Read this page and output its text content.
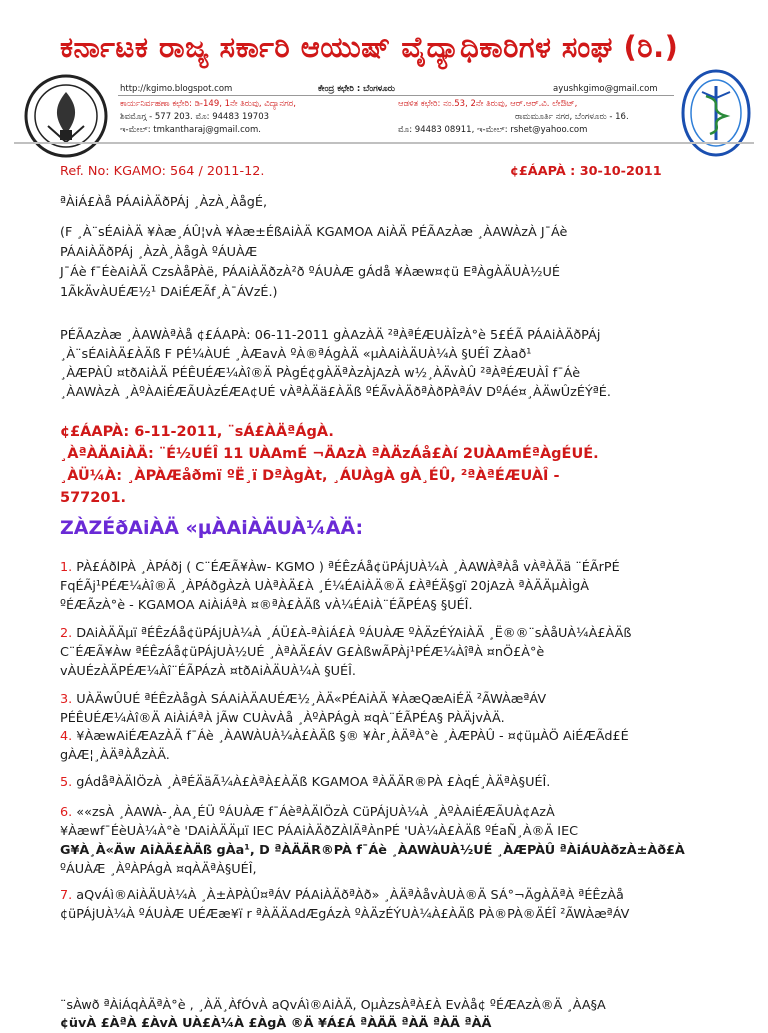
ಕರ್ನಾಟಕ ರಾಜ್ಯ ಸರ್ಕಾರಿ ಆಯುಷ್ ವೈದ್ಯಾಧಿಕಾರಿಗಳ ಸಂಘ (ರಿ.)
http://kgimo.blogspot.com	ಕೇಂದ್ರ ಕಛೇರಿ : ಬೆಂಗಳೂರು	ayushkgimo@gmail.com
ಕಾರ್ಯನಿರ್ವಹಣಾ ಕಛೇರಿ: ಡಿ-149, 1ನೇ ತಿರುವು, ವಿದ್ಯಾನಗರ,
ಶಿವಮೊಗ್ಗ - 577 203. ಮೊ: 94483 19703
ಇ-ಮೇಲ್: tmkantharaj@gmail.com.
ಆಡಳಿತ ಕಛೇರಿ: ನಂ.53, 2ನೇ ತಿರುವು, ಆರ್.ಆರ್.ವಿ. ಲೇಔಟ್,
ರಾಮಮೂರ್ತಿ ನಗರ, ಬೆಂಗಳೂರು - 16.
ಮೊ: 94483 08911, ಇ-ಮೇಲ್: rshet@yahoo.com
Ref. No: KGAMO: 564 / 2011-12.	¢£ÁAPÀ : 30-10-2011
ªÀiÁ£Àå PÁAiÀÄðPÁj ¸ÀzÀ¸ÀågÉ,
(F ¸À¨sÉAiÀÄ ¥Àæ¸ÁÛ¦vÀ ¥Àæ±ÉßAiÀÄ KGAMOA AiÀÄ PÉÃAzÀæ ¸ÀAWÀzÀ J¯Áè
PÁAiÀÄðPÁj ¸ÀzÀ¸ÀågÀ ºÁUÀÆ
J¯Áè f¯ÉèAiÀÄ CzsÀåPÀë, PÁAiÀÄðzÀ²ð ºÁUÀÆ gÁdå ¥Àæw¤¢ü EªÀgÀÄUÀ½UÉ
1ÃkÄvÀUÉÆ½¹ DAiÉÆÃf¸À¯ÁVzÉ.)
PÉÃAzÀæ ¸ÀAWÀªÀå ¢£ÁAPÀ: 06-11-2011 gÀAzÀÄ ²ªÀªÉÆUÀÎzÀ°è 5£ÉÃ PÁAiÀÄðPÁj
¸À¨sÉAiÀÄ£ÀÄß F PÉ¼ÀUÉ ¸ÀÆavÀ ºÀ®ªÁgÀÄ «µÀAiÀÄUÀ¼À §UÉÎ ZÀað¹
¸ÀÆPÀÛ ¤tðAiÀÄ PÉÊUÉÆ¼Àî®Ä PÀgÉ¢gÀÄªÀzÀjAzÀ w½¸ÀÄvÀÛ ²ªÀªÉÆUÀÎ f¯Áè
¸ÀAWÀzÀ ¸ÀºÀAiÉÆÃUÀzÉÆA¢UÉ vÀªÀÄä£ÀÄß ºÉÃvÀÄðªÀðPÀªÁV DºÁé¤¸ÀÄwÛzÉÝªÉ.
¢£ÁAPÀ: 6-11-2011, ¨sÁ£ÀÄªÁgÀ.
¸ÀªÀÄAiÀÄ: ¨É½UÉÎ 11 UÀAmÉ ¬ÄAzÀ ªÀÄzÁå£Àí 2UÀAmÉªÀgÉUÉ.
¸ÀÜ¼À: ¸ÀPÀÆåðmï ºË¸ï DªÀgÀt, ¸ÁUÀgÀ gÀ¸ÉÛ, ²ªÀªÉÆUÀÎ -
577201.
ZÀZÉðAiÀÄ «µÀAiÀÄUÀ¼ÀÄ:
1. PÀ£ÁðlPÀ ¸ÀPÁðj ( C¨ÉÆÃ¥Àw- KGMO ) ªÉÊzÁå¢üPÁjUÀ¼À ¸ÀAWÀªÀå vÀªÀÄä ¨ÉÃrPÉ
FqÉÃj¹PÉÆ¼Àî®Ä ¸ÀPÁðgÀzÀ UÀªÀÄ£À ¸É¼ÉAiÀÄ®Ä £ÀªÉÄ§gï 20jAzÀ ªÀÄÄµÀÌgÀ
ºÉÆÃzÀ°è - KGAMOA AiÀiÁªÀ ¤®ªÀ£ÀÄß vÀ¼ÉAiÀ¨ÉÃPÉA§ §UÉÎ.
2. DAiÀÄÄµï ªÉÊzÁå¢üPÁjUÀ¼À ¸ÁÜ£À-ªÀiÁ£À ºÁUÀÆ ºÀÄzÉÝAiÀÄ ¸Ë®®¨sÀåUÀ¼À£ÀÄß
C¨ÉÆÃ¥Àw ªÉÊzÁå¢üPÁjUÀ½UÉ ¸ÀªÀÄ£ÁV G£ÀßwÃPÀj¹PÉÆ¼ÀîªÀ ¤nÖ£À°è
vÀUÉzÀÄPÉÆ¼Àî¨ÉÃPÁzÀ ¤tðAiÀÄUÀ¼À §UÉÎ.
3. UÀÄwÛUÉ ªÉÊzÀågÀ SÁAiÀÄAUÉÆ½¸ÀÄ«PÉAiÀÄ ¥ÀæQæAiÉÄ ²ÃWÀæªÁV
PÉÊUÉÆ¼Àî®Ä AiÀiÁªÀ jÃw CUÀvÀå ¸ÀºÀPÁgÀ ¤qÀ¨ÉÃPÉA§ PÀÄjvÀÄ.
4. ¥ÀæwAiÉÆAzÀÄ f¯Áè ¸ÀAWÀUÀ¼À£ÀÄß §® ¥Àr¸ÀÄªÀ°è ¸ÀÆPÀÛ - ¤¢üµÀÖ AiÉÆÃd£É
gÀÆ¦¸ÀÄªÀÅzÀÄ.
5. gÁdåªÀÄlÖzÀ ¸ÀªÉÄäÃ¼À£ÀªÀ£ÀÄß KGAMOA ªÀÄÄR®PÀ £ÀqÉ¸ÀÄªÀ§UÉÎ.
6. ««zsÀ ¸ÀAWÀ-¸ÀA¸ÉÜ ºÁUÀÆ f¯ÁèªÀÄlÖzÀ CüPÁjUÀ¼À ¸ÀºÀAiÉÆÃUÀ¢AzÀ
¥Àæwf¯ÉèUÀ¼À°è 'DAiÀÄÄµï IEC PÁAiÀÄðZÀlÄªÀnPÉ 'UÀ¼À£ÀÄß ºÉaÑ¸À®Ä IEC
G¥À¸À«Äw AiÀÄ£ÀÄß gÀa¹, D ªÀÄÄR®PÀ f¯Áè ¸ÀAWÀUÀ½UÉ ¸ÀÆPÀÛ ªÀiÁUÀðzÀ±Àð£À
ºÁUÀÆ ¸ÀºÀPÁgÀ ¤qÀÄªÀ§UÉÎ,
7. aQvÁì®AiÀÄUÀ¼À ¸À±ÀPÀÛ¤ªÁV PÁAiÀÄðªÀð» ¸ÀÄªÀåvÀUÀ®Ä SÁ°¬ÄgÀÄªÀ ªÉÊzÀå
¢üPÁjUÀ¼À ºÁUÀÆ UÉÆæ¥ï r ªÀÄÄAdÆgÁzÀ ºÀÄzÉÝUÀ¼À£ÀÄß PÀ®PÀ®ÄÉÎ ²ÃWÀæªÁV
¨sÀwð ªÀiÁqÀÄªÀ°è , ¸ÀÄ¸ÀfÓvÀ aQvÁì®AiÀÄ, OµÀzsÀªÀ£À EvÀå¢ ºÉÆAzÀ®Ä ¸ÀA§A
¢üvÀ £ÀªÀ £ÀvÀ UÀ£À¼À £ÀgÀ ®Ä ¥Á£Á ªÀÄÄ ªÀÄ ªÀÄ ªÀÄ
